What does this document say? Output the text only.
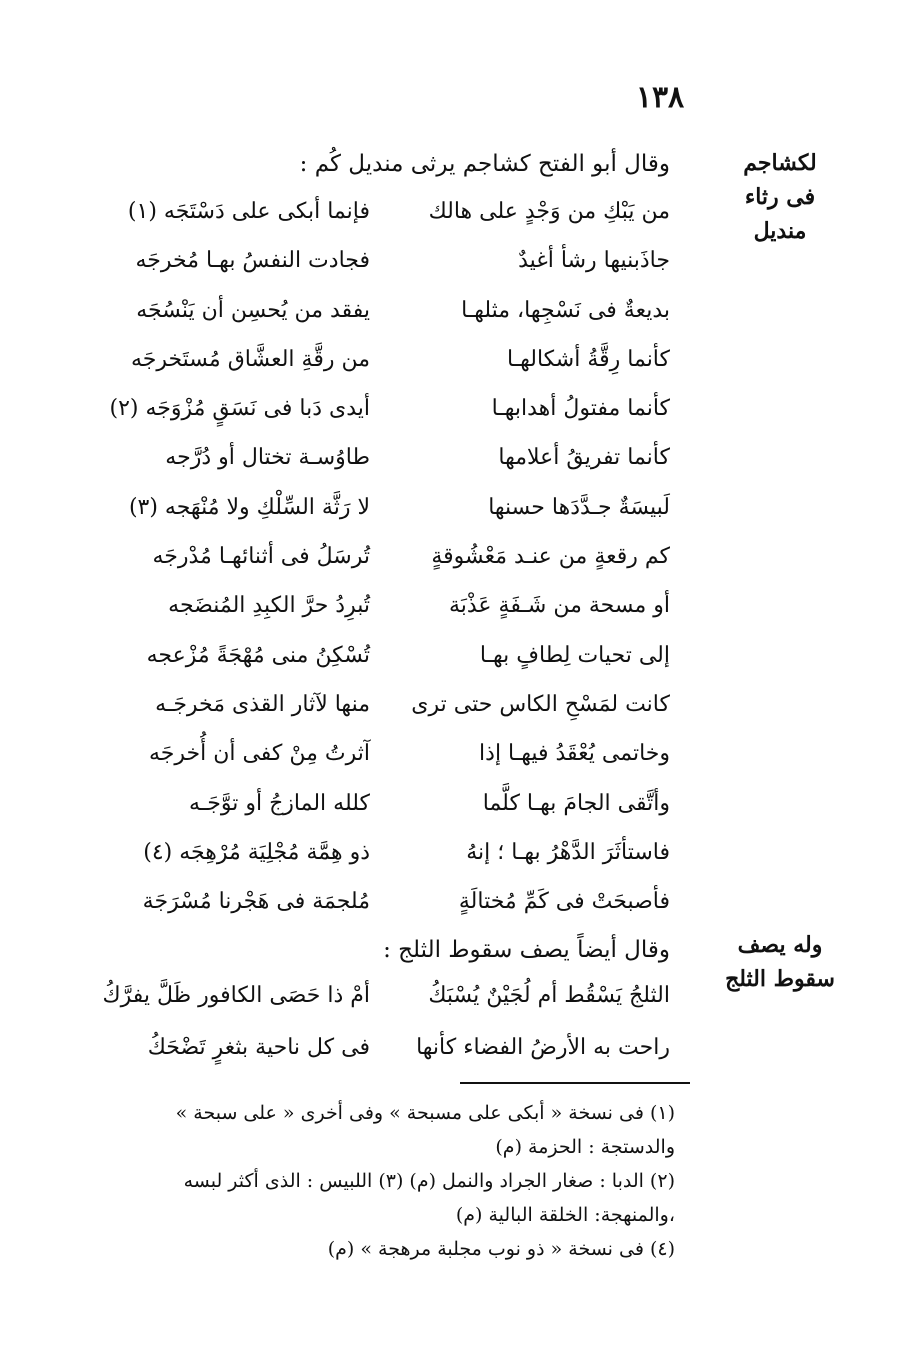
١٣٨
لكشاجم
فى رثاء
منديل
وقال أبو الفتح كشاجم يرثى منديل كُم :
من يَبْكِ من وَجْدٍ على هالك
فإنما أبكى على دَسْتَجَه (١)
جاذَبنيها رشأ أغيدٌ
فجادت النفسُ بهـا مُخرجَه
بديعةٌ فى نَسْجِها، مثلهـا
يفقد من يُحسِن أن يَنْسُجَه
كأنما رِقَّةُ أشكالهـا
من رقَّةِ العشَّاق مُستَخرجَه
كأنما مفتولُ أهدابهـا
أيدى دَبا فى نَسَقٍ مُزْوَجَه (٢)
كأنما تفريقُ أعلامها
طاوُسـة تختال أو دُرَّجه
لَبيسَةٌ جـدَّدَها حسنها
لا رَثَّة السِّلْكِ ولا مُنْهَجه (٣)
كم رقعةٍ من عنـد مَعْشُوقةٍ
تُرسَلُ فى أثنائهـا مُدْرجَه
أو مسحة من شَـفَةٍ عَذْبَة
تُبرِدُ حرَّ الكبِدِ المُنضَجه
إلى تحيات لِطافٍ بهـا
تُسْكِنُ منى مُهْجَةً مُزْعجه
كانت لمَسْحِ الكاس حتى ترى
منها لآثار القذى مَخرجَـه
وخاتمى يُعْقَدُ فيهـا إذا
آثرتُ مِنْ كفى أن أُخرجَه
وأتَّقى الجامَ بهـا كلَّما
كلله المازجُ أو توَّجَـه
فاستأثَرَ الدَّهْرُ بهـا ؛ إنهُ
ذو هِمَّة مُجْلِيَة مُرْهِجَه (٤)
فأصبحَتْ فى كَمِّ مُختالَةٍ
مُلجمَة فى هَجْرنا مُسْرَجَة
وله يصف
سقوط الثلج
وقال أيضاً يصف سقوط الثلج :
الثلجُ يَسْقُط أم لُجَيْنٌ يُسْبَكُ
أمْ ذا حَصَى الكافور ظَلَّ يفرَّكُ
راحت به الأرضُ الفضاء كأنها
فى كل ناحية بثغرٍ تَضْحَكُ

(١) فى نسخة « أبكى على مسبحة » وفى أخرى « على سبحة » والدستجة : الحزمة (م)

(٢) الدبا : صغار الجراد والنمل (م) (٣) اللبيس : الذى أكثر لبسه ،والمنهجة: الخلقة البالية (م)

(٤) فى نسخة « ذو نوب مجلبة مرهجة » (م)
